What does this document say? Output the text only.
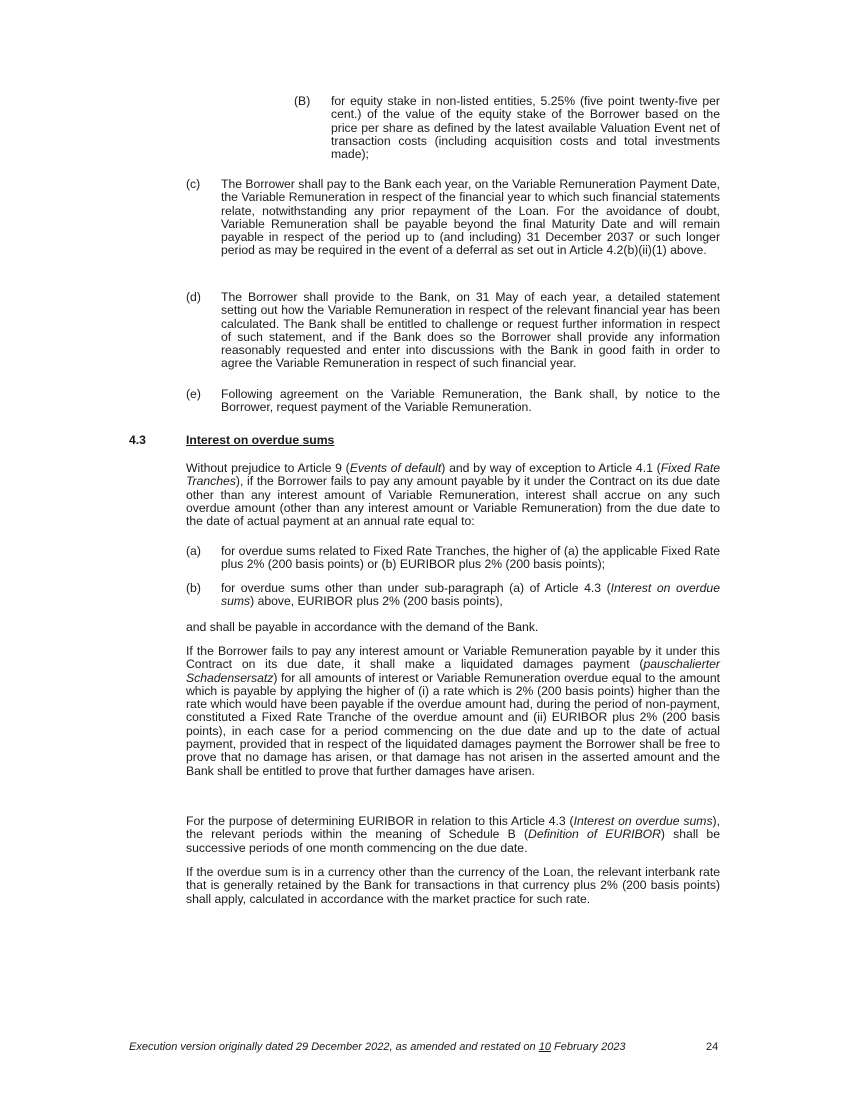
(B) for equity stake in non-listed entities, 5.25% (five point twenty-five per cent.) of the value of the equity stake of the Borrower based on the price per share as defined by the latest available Valuation Event net of transaction costs (including acquisition costs and total investments made);
(c) The Borrower shall pay to the Bank each year, on the Variable Remuneration Payment Date, the Variable Remuneration in respect of the financial year to which such financial statements relate, notwithstanding any prior repayment of the Loan. For the avoidance of doubt, Variable Remuneration shall be payable beyond the final Maturity Date and will remain payable in respect of the period up to (and including) 31 December 2037 or such longer period as may be required in the event of a deferral as set out in Article 4.2(b)(ii)(1) above.
(d) The Borrower shall provide to the Bank, on 31 May of each year, a detailed statement setting out how the Variable Remuneration in respect of the relevant financial year has been calculated. The Bank shall be entitled to challenge or request further information in respect of such statement, and if the Bank does so the Borrower shall provide any information reasonably requested and enter into discussions with the Bank in good faith in order to agree the Variable Remuneration in respect of such financial year.
(e) Following agreement on the Variable Remuneration, the Bank shall, by notice to the Borrower, request payment of the Variable Remuneration.
4.3	Interest on overdue sums
Without prejudice to Article 9 (Events of default) and by way of exception to Article 4.1 (Fixed Rate Tranches), if the Borrower fails to pay any amount payable by it under the Contract on its due date other than any interest amount of Variable Remuneration, interest shall accrue on any such overdue amount (other than any interest amount or Variable Remuneration) from the due date to the date of actual payment at an annual rate equal to:
(a) for overdue sums related to Fixed Rate Tranches, the higher of (a) the applicable Fixed Rate plus 2% (200 basis points) or (b) EURIBOR plus 2% (200 basis points);
(b) for overdue sums other than under sub-paragraph (a) of Article 4.3 (Interest on overdue sums) above, EURIBOR plus 2% (200 basis points),
and shall be payable in accordance with the demand of the Bank.
If the Borrower fails to pay any interest amount or Variable Remuneration payable by it under this Contract on its due date, it shall make a liquidated damages payment (pauschalierter Schadensersatz) for all amounts of interest or Variable Remuneration overdue equal to the amount which is payable by applying the higher of (i) a rate which is 2% (200 basis points) higher than the rate which would have been payable if the overdue amount had, during the period of non-payment, constituted a Fixed Rate Tranche of the overdue amount and (ii) EURIBOR plus 2% (200 basis points), in each case for a period commencing on the due date and up to the date of actual payment, provided that in respect of the liquidated damages payment the Borrower shall be free to prove that no damage has arisen, or that damage has not arisen in the asserted amount and the Bank shall be entitled to prove that further damages have arisen.
For the purpose of determining EURIBOR in relation to this Article 4.3 (Interest on overdue sums), the relevant periods within the meaning of Schedule B (Definition of EURIBOR) shall be successive periods of one month commencing on the due date.
If the overdue sum is in a currency other than the currency of the Loan, the relevant interbank rate that is generally retained by the Bank for transactions in that currency plus 2% (200 basis points) shall apply, calculated in accordance with the market practice for such rate.
Execution version originally dated 29 December 2022, as amended and restated on 10 February 2023	24
